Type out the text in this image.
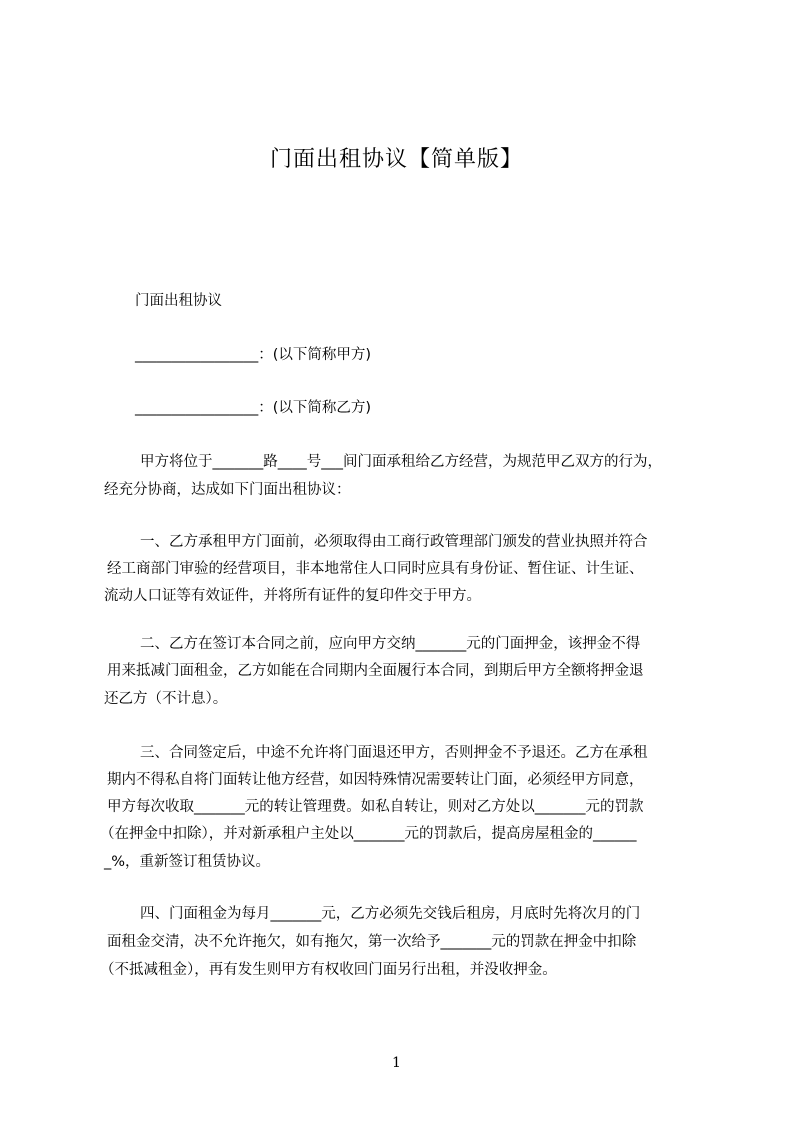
门面出租协议【简单版】
门面出租协议
_________________：(以下简称甲方)
_________________：(以下简称乙方)
甲方将位于_______路____号___间门面承租给乙方经营，为规范甲乙双方的行为，
经充分协商，达成如下门面出租协议：
一、乙方承租甲方门面前，必须取得由工商行政管理部门颁发的营业执照并符合
经工商部门审验的经营项目，非本地常住人口同时应具有身份证、暂住证、计生证、
流动人口证等有效证件，并将所有证件的复印件交于甲方。
二、乙方在签订本合同之前，应向甲方交纳_______元的门面押金，该押金不得
用来抵减门面租金，乙方如能在合同期内全面履行本合同，到期后甲方全额将押金退
还乙方（不计息）。
三、合同签定后，中途不允许将门面退还甲方，否则押金不予退还。乙方在承租
期内不得私自将门面转让他方经营，如因特殊情况需要转让门面，必须经甲方同意，
甲方每次收取_______元的转让管理费。如私自转让，则对乙方处以_______元的罚款
（在押金中扣除），并对新承租户主处以_______元的罚款后，提高房屋租金的______
_%，重新签订租赁协议。
四、门面租金为每月_______元，乙方必须先交钱后租房，月底时先将次月的门
面租金交清，决不允许拖欠，如有拖欠，第一次给予_______元的罚款在押金中扣除
（不抵减租金），再有发生则甲方有权收回门面另行出租，并没收押金。
1
